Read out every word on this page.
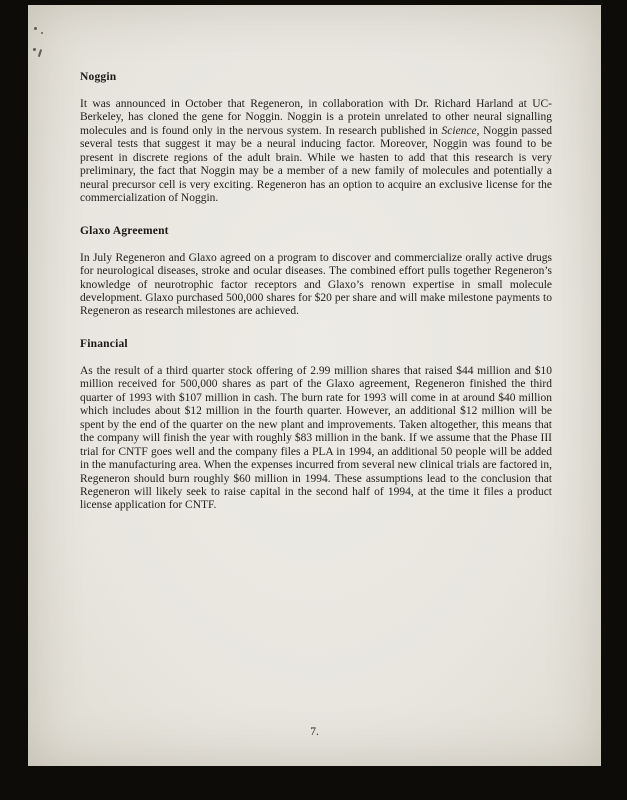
Noggin

It was announced in October that Regeneron, in collaboration with Dr. Richard Harland at UC-Berkeley, has cloned the gene for Noggin. Noggin is a protein unrelated to other neural signalling molecules and is found only in the nervous system. In research published in Science, Noggin passed several tests that suggest it may be a neural inducing factor. Moreover, Noggin was found to be present in discrete regions of the adult brain. While we hasten to add that this research is very preliminary, the fact that Noggin may be a member of a new family of molecules and potentially a neural precursor cell is very exciting. Regeneron has an option to acquire an exclusive license for the commercialization of Noggin.

Glaxo Agreement

In July Regeneron and Glaxo agreed on a program to discover and commercialize orally active drugs for neurological diseases, stroke and ocular diseases. The combined effort pulls together Regeneron’s knowledge of neurotrophic factor receptors and Glaxo’s renown expertise in small molecule development. Glaxo purchased 500,000 shares for $20 per share and will make milestone payments to Regeneron as research milestones are achieved.

Financial

As the result of a third quarter stock offering of 2.99 million shares that raised $44 million and $10 million received for 500,000 shares as part of the Glaxo agreement, Regeneron finished the third quarter of 1993 with $107 million in cash. The burn rate for 1993 will come in at around $40 million which includes about $12 million in the fourth quarter. However, an additional $12 million will be spent by the end of the quarter on the new plant and improvements. Taken altogether, this means that the company will finish the year with roughly $83 million in the bank. If we assume that the Phase III trial for CNTF goes well and the company files a PLA in 1994, an additional 50 people will be added in the manufacturing area. When the expenses incurred from several new clinical trials are factored in, Regeneron should burn roughly $60 million in 1994. These assumptions lead to the conclusion that Regeneron will likely seek to raise capital in the second half of 1994, at the time it files a product license application for CNTF.

7.
